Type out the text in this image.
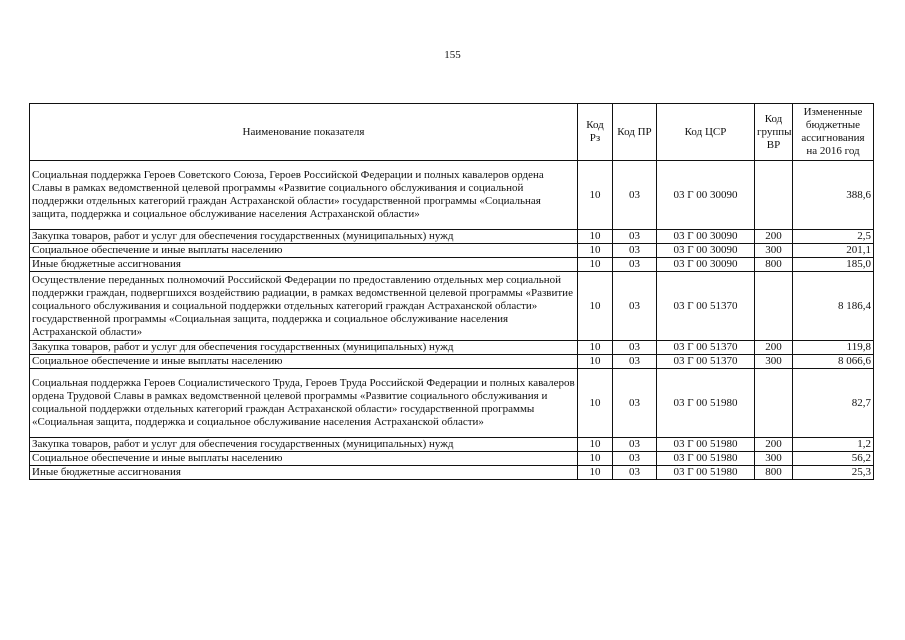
155
Наименование показателя	Код Рз	Код ПР	Код ЦСР	Код группы ВР	Измененные бюджетные ассигнования на 2016 год
Социальная поддержка Героев Советского Союза, Героев Российской Федерации и полных кавалеров ордена Славы в рамках ведомственной целевой программы «Развитие социального обслуживания и социальной поддержки отдельных категорий граждан Астраханской области» государственной программы «Социальная защита, поддержка и социальное обслуживание населения Астраханской области»	10	03	03 Г 00 30090		388,6
Закупка товаров, работ и услуг для обеспечения государственных (муниципальных) нужд	10	03	03 Г 00 30090	200	2,5
Социальное обеспечение и иные выплаты населению	10	03	03 Г 00 30090	300	201,1
Иные бюджетные ассигнования	10	03	03 Г 00 30090	800	185,0
Осуществление переданных полномочий Российской Федерации по предоставлению отдельных мер социальной поддержки граждан, подвергшихся воздействию радиации, в рамках ведомственной целевой программы «Развитие социального обслуживания и социальной поддержки отдельных категорий граждан Астраханской области» государственной программы «Социальная защита, поддержка и социальное обслуживание населения Астраханской области»	10	03	03 Г 00 51370		8 186,4
Закупка товаров, работ и услуг для обеспечения государственных (муниципальных) нужд	10	03	03 Г 00 51370	200	119,8
Социальное обеспечение и иные выплаты населению	10	03	03 Г 00 51370	300	8 066,6
Социальная поддержка Героев Социалистического Труда, Героев Труда Российской Федерации и полных кавалеров ордена Трудовой Славы в рамках ведомственной целевой программы «Развитие социального обслуживания и социальной поддержки отдельных категорий граждан Астраханской области» государственной программы «Социальная защита, поддержка и социальное обслуживание населения Астраханской области»	10	03	03 Г 00 51980		82,7
Закупка товаров, работ и услуг для обеспечения государственных (муниципальных) нужд	10	03	03 Г 00 51980	200	1,2
Социальное обеспечение и иные выплаты населению	10	03	03 Г 00 51980	300	56,2
Иные бюджетные ассигнования	10	03	03 Г 00 51980	800	25,3
